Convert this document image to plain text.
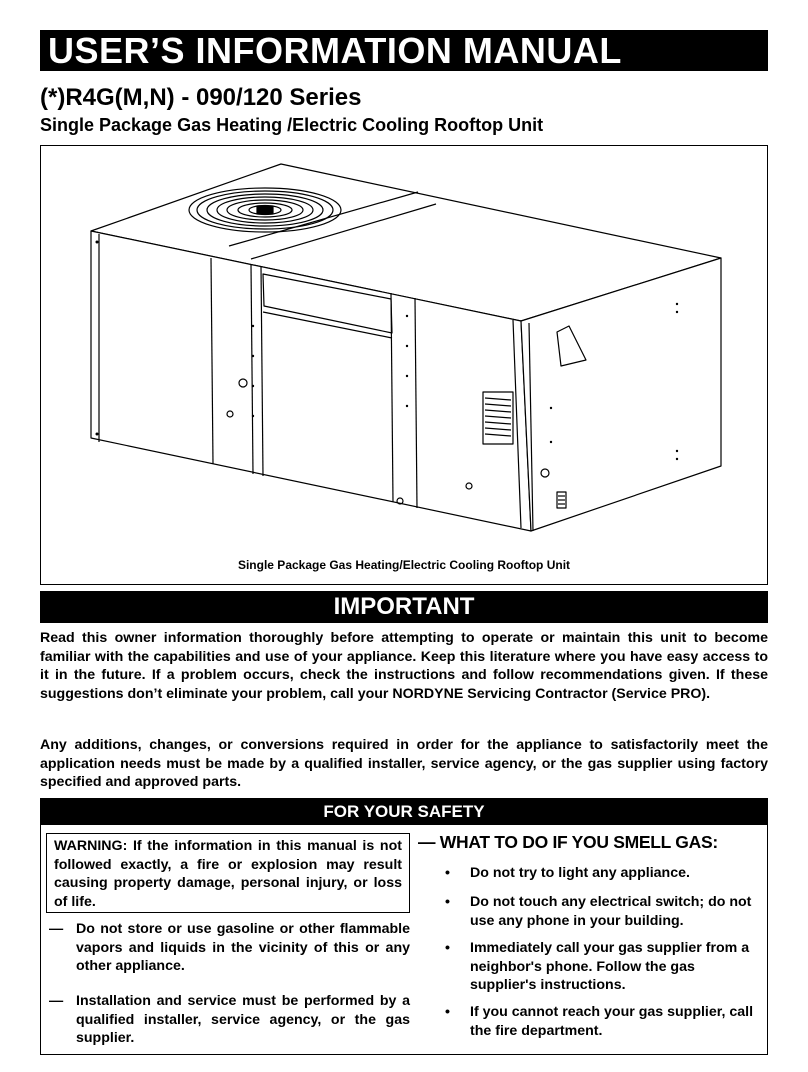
USER’S INFORMATION MANUAL
(*)R4G(M,N) - 090/120 Series
Single Package Gas Heating /Electric Cooling Rooftop Unit
Single Package Gas Heating/Electric Cooling Rooftop Unit
IMPORTANT
Read this owner information thoroughly before attempting to operate or maintain this unit to become familiar with the capabilities and use of your appliance. Keep this literature where you have easy access to it in the future. If a problem occurs, check the instructions and follow recommendations given. If these suggestions don’t eliminate your problem, call your NORDYNE Servicing Contractor (Service PRO).
Any additions, changes, or conversions required in order for the appliance to satisfactorily meet the application needs must be made by a qualified installer, service agency, or the gas supplier using factory specified and approved parts.
FOR YOUR SAFETY
WARNING: If the information in this manual is not followed exactly, a fire or explosion may result causing property damage, personal injury, or loss of life.
— Do not store or use gasoline or other flammable vapors and liquids in the vicinity of this or any other appliance.
— Installation and service must be performed by a qualified installer, service agency, or the gas supplier.
— WHAT TO DO IF YOU SMELL GAS:
•	Do not try to light any appliance.
•	Do not touch any electrical switch; do not use any phone in your building.
•	Immediately call your gas supplier from a neighbor's phone. Follow the gas supplier's instructions.
•	If you cannot reach your gas supplier, call the fire department.
